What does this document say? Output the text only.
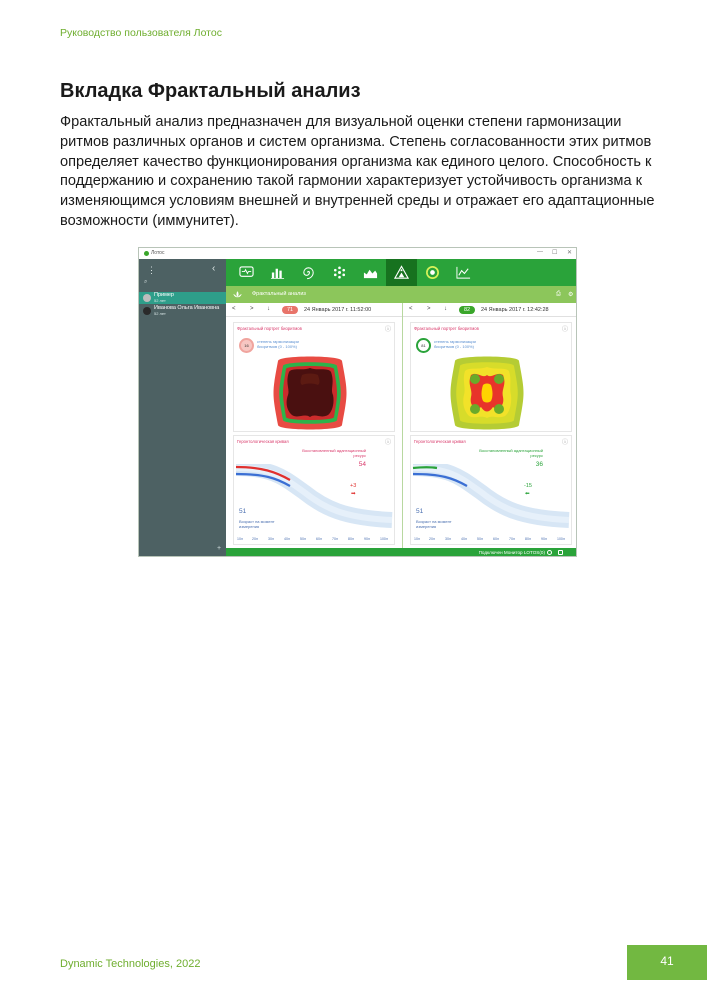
Руководство пользователя Лотос
Вкладка Фрактальный анализ

Фрактальный анализ предназначен для визуальной оценки степени гармонизации ритмов различных органов и систем организма. Степень согласованности этих ритмов определяет качество функционирования организма как единого целого. Способность к поддержанию и сохранению такой гармонии характеризует устойчивость организма к изменяющимся условиям внешней и внутренней среды и отражает его адаптационные возможности (иммунитет).

Лотос	— ☐ ✕
⋮	‹
⌕
Пример
52 лет
Иванова Ольга Ивановна
52 лет
+
Фрактальный анализ	⎙ ⚙
< > ↓	71	24 Январь 2017 г. 11:52:00
Фрактальный портрет биоритмов	ⓘ
16
степень гармонизации биоритмов (0 - 100%)
Геронтологическая кривая	ⓘ
Восстановленный адаптационный ресурс
54
+3
➡
51
Возраст на момент измерения
10л	20л	30л	40л	50л	60л	70л	80л	90л	100л
< > ↓	82	24 Январь 2017 г. 12:42:28
Фрактальный портрет биоритмов	ⓘ
81
степень гармонизации биоритмов (0 - 100%)
Геронтологическая кривая	ⓘ
Восстановленный адаптационный ресурс
36
-15
⬅
51
Возраст на момент измерения
10л	20л	30л	40л	50л	60л	70л	80л	90л	100л
Подключен Монитор LOTOS(0)
Dynamic Technologies, 2022	41
